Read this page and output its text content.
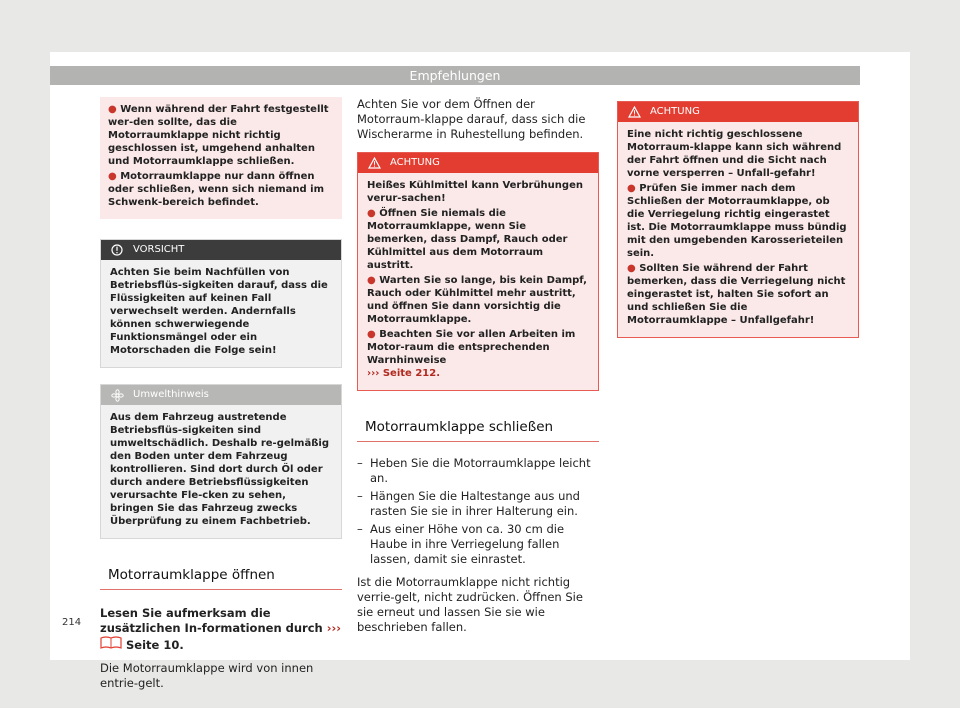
Empfehlungen

● Wenn während der Fahrt festgestellt wer-den sollte, das die Motorraumklappe nicht richtig geschlossen ist, umgehend anhalten und Motorraumklappe schließen.

● Motorraumklappe nur dann öffnen oder schließen, wenn sich niemand im Schwenk-bereich befindet.

VORSICHT

Achten Sie beim Nachfüllen von Betriebsflüs-sigkeiten darauf, dass die Flüssigkeiten auf keinen Fall verwechselt werden. Andernfalls können schwerwiegende Funktionsmängel oder ein Motorschaden die Folge sein!

Umwelthinweis

Aus dem Fahrzeug austretende Betriebsflüs-sigkeiten sind umweltschädlich. Deshalb re-gelmäßig den Boden unter dem Fahrzeug kontrollieren. Sind dort durch Öl oder durch andere Betriebsflüssigkeiten verursachte Fle-cken zu sehen, bringen Sie das Fahrzeug zwecks Überprüfung zu einem Fachbetrieb.

Motorraumklappe öffnen

Lesen Sie aufmerksam die zusätzlichen In-formationen durch ›››  Seite 10.

Die Motorraumklappe wird von innen entrie-gelt.

Achten Sie vor dem Öffnen der Motorraum-klappe darauf, dass sich die Wischerarme in Ruhestellung befinden.

ACHTUNG

Heißes Kühlmittel kann Verbrühungen verur-sachen!

● Öffnen Sie niemals die Motorraumklappe, wenn Sie bemerken, dass Dampf, Rauch oder Kühlmittel aus dem Motorraum austritt.

● Warten Sie so lange, bis kein Dampf, Rauch oder Kühlmittel mehr austritt, und öffnen Sie dann vorsichtig die Motorraumklappe.

● Beachten Sie vor allen Arbeiten im Motor-raum die entsprechenden Warnhinweise
››› Seite 212.

Motorraumklappe schließen
– Heben Sie die Motorraumklappe leicht an.
– Hängen Sie die Haltestange aus und rasten Sie sie in ihrer Halterung ein.
– Aus einer Höhe von ca. 30 cm die Haube in ihre Verriegelung fallen lassen, damit sie einrastet.

Ist die Motorraumklappe nicht richtig verrie-gelt, nicht zudrücken. Öffnen Sie sie erneut und lassen Sie sie wie beschrieben fallen.

ACHTUNG

Eine nicht richtig geschlossene Motorraum-klappe kann sich während der Fahrt öffnen und die Sicht nach vorne versperren – Unfall-gefahr!

● Prüfen Sie immer nach dem Schließen der Motorraumklappe, ob die Verriegelung richtig eingerastet ist. Die Motorraumklappe muss bündig mit den umgebenden Karosserieteilen sein.

● Sollten Sie während der Fahrt bemerken, dass die Verriegelung nicht eingerastet ist, halten Sie sofort an und schließen Sie die Motorraumklappe – Unfallgefahr!

214
